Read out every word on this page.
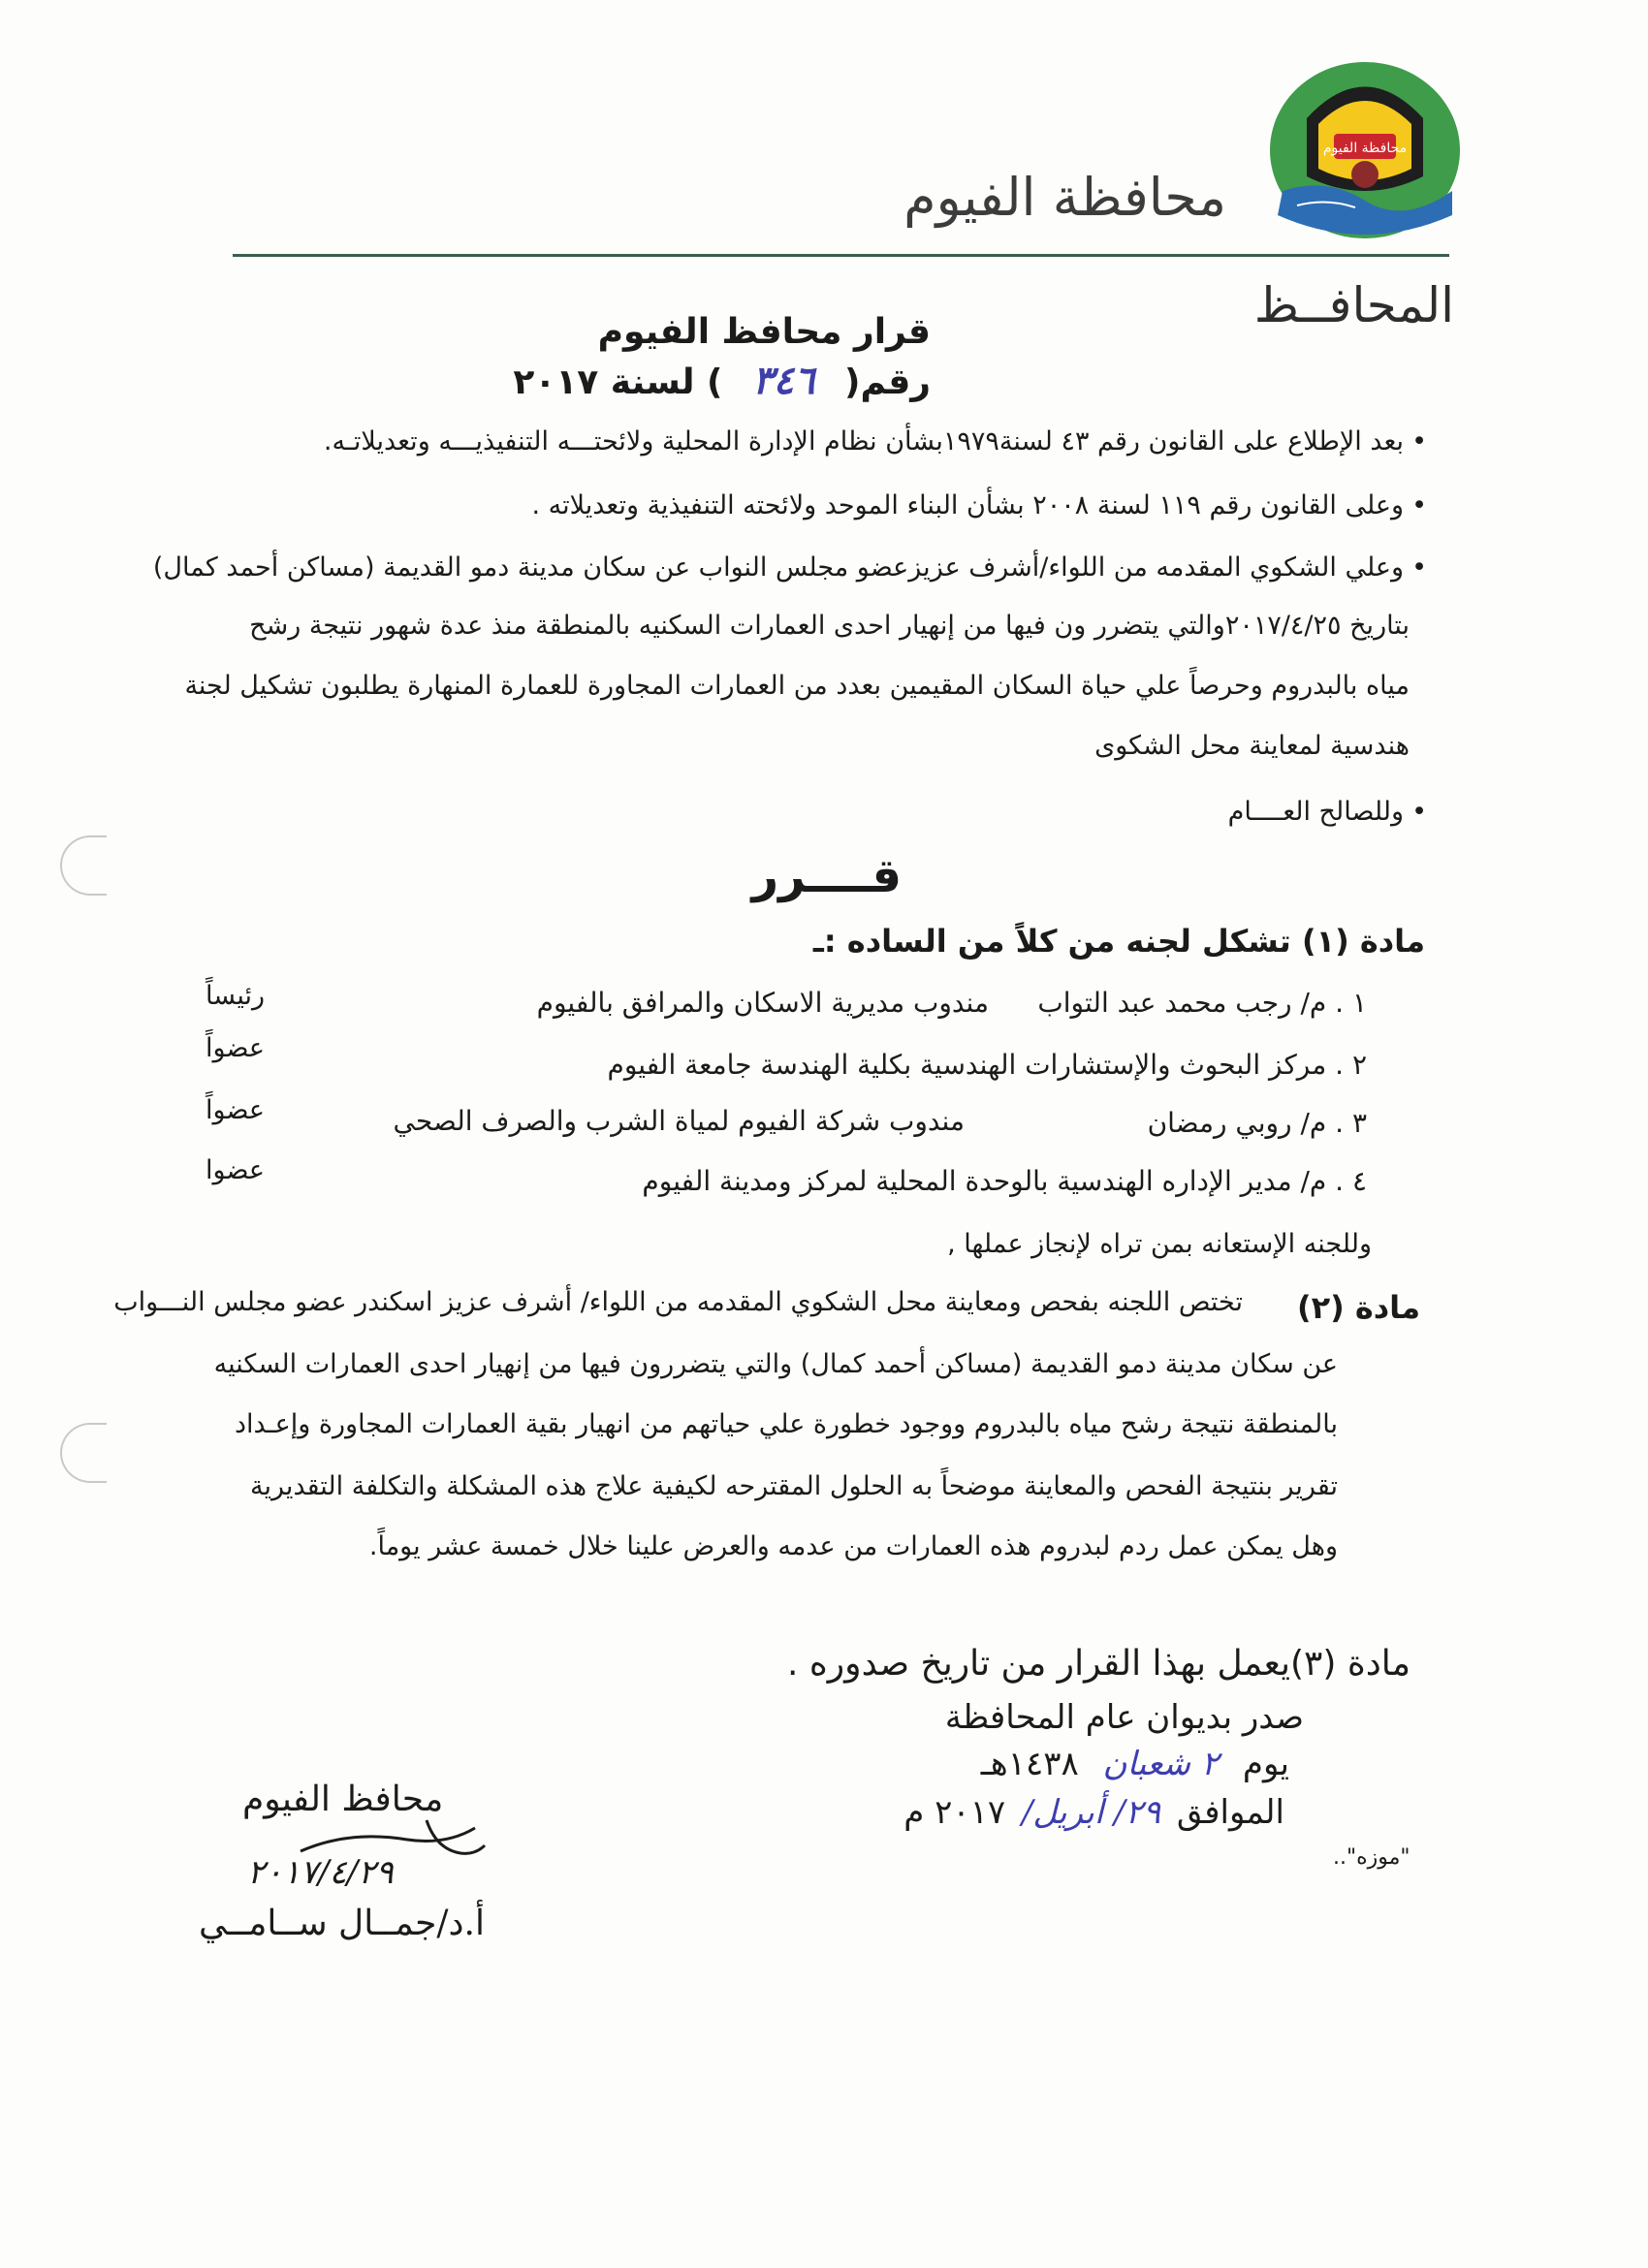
محافظة الفيوم
محافظة الفيوم
المحافــظ
قرار محافظ الفيوم
رقم( ٣٤٦ ) لسنة ٢٠١٧
• بعد الإطلاع على القانون رقم ٤٣ لسنة١٩٧٩بشأن نظام الإدارة المحلية ولائحتـــه التنفيذيـــه وتعديلاتـه.
• وعلى القانون رقم ١١٩ لسنة ٢٠٠٨ بشأن البناء الموحد ولائحته التنفيذية وتعديلاته .
• وعلي الشكوي المقدمه من اللواء/أشرف عزيزعضو مجلس النواب عن سكان مدينة دمو القديمة (مساكن أحمد كمال)
بتاريخ ٢٠١٧/٤/٢٥والتي يتضرر ون فيها من إنهيار احدى العمارات السكنيه بالمنطقة منذ عدة شهور نتيجة رشح
مياه بالبدروم وحرصاً علي حياة السكان المقيمين بعدد من العمارات المجاورة للعمارة المنهارة يطلبون تشكيل لجنة
هندسية لمعاينة محل الشكوى
• وللصالح العــــام
قــــرر
مادة (١) تشكل لجنه من كلاً من الساده :ـ
١ . م/ رجب محمد عبد التواب
مندوب مديرية الاسكان والمرافق بالفيوم
رئيساً
٢ . مركز البحوث والإستشارات الهندسية بكلية الهندسة جامعة الفيوم
عضواً
٣ . م/ روبي رمضان
مندوب شركة الفيوم لمياة الشرب والصرف الصحي
عضواً
٤ . م/ مدير الإداره الهندسية بالوحدة المحلية لمركز ومدينة الفيوم
عضوا
وللجنه الإستعانه بمن تراه لإنجاز عملها ,
مادة (٢)
تختص اللجنه بفحص ومعاينة محل الشكوي المقدمه من اللواء/ أشرف عزيز اسكندر عضو مجلس النـــواب
عن سكان مدينة دمو القديمة (مساكن أحمد كمال) والتي يتضررون فيها من إنهيار احدى العمارات السكنيه
بالمنطقة نتيجة رشح مياه بالبدروم ووجود خطورة علي حياتهم من انهيار بقية العمارات المجاورة وإعـداد
تقرير بنتيجة الفحص والمعاينة موضحاً به الحلول المقترحه لكيفية علاج هذه المشكلة والتكلفة التقديرية
وهل يمكن عمل ردم لبدروم هذه العمارات من عدمه والعرض علينا خلال خمسة عشر يوماً.
مادة (٣)يعمل بهذا القرار من تاريخ صدوره .
صدر بديوان عام المحافظة
يوم ٢ شعبان ١٤٣٨هـ
الموافق ٢٩/ أبريل/ ٢٠١٧ م
"موزه"..
محافظ الفيوم
٢٠١٧/٤/٢٩
أ.د/جمــال ســامــي
